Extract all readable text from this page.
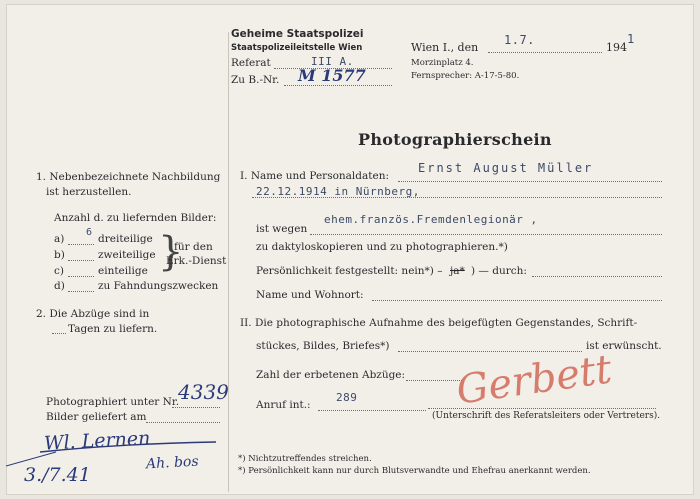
Geheime Staatspolizei
Staatspolizeileitstelle Wien
Referat	III A.
Zu B.-Nr. M 1577
Wien I., den
1.7.
194
1
Morzinplatz 4.
Fernsprecher: A-17-5-80.
Photographierschein
1. Nebenbezeichnete Nachbildung
ist herzustellen.
Anzahl d. zu liefernden Bilder:
a)
b)
c)
d)
6
dreiteilige
zweiteilige
einteilige
zu Fahndungszwecken
}
für den
Erk.-Dienst
2. Die Abzüge sind in
Tagen zu liefern.
Photographiert unter Nr.
4339
Bilder geliefert am
Wl. Lernen
Ah. bos
3./7.41
I. Name und Personaldaten:
Ernst August Müller
22.12.1914 in Nürnberg,
ist wegen
ehem.französ.Fremdenlegionär ,
zu daktyloskopieren und zu photographieren.*)
Persönlichkeit festgestellt: nein*) – ja* ) — durch:
Name und Wohnort:
II. Die photographische Aufnahme des beigefügten Gegenstandes, Schrift-
stückes, Bildes, Briefes*)	ist erwünscht.
Zahl der erbetenen Abzüge:
Anruf int.:
289 Gerbett
(Unterschrift des Referatsleiters oder Vertreters).
*) Nichtzutreffendes streichen.
*) Persönlichkeit kann nur durch Blutsverwandte und Ehefrau anerkannt werden.
